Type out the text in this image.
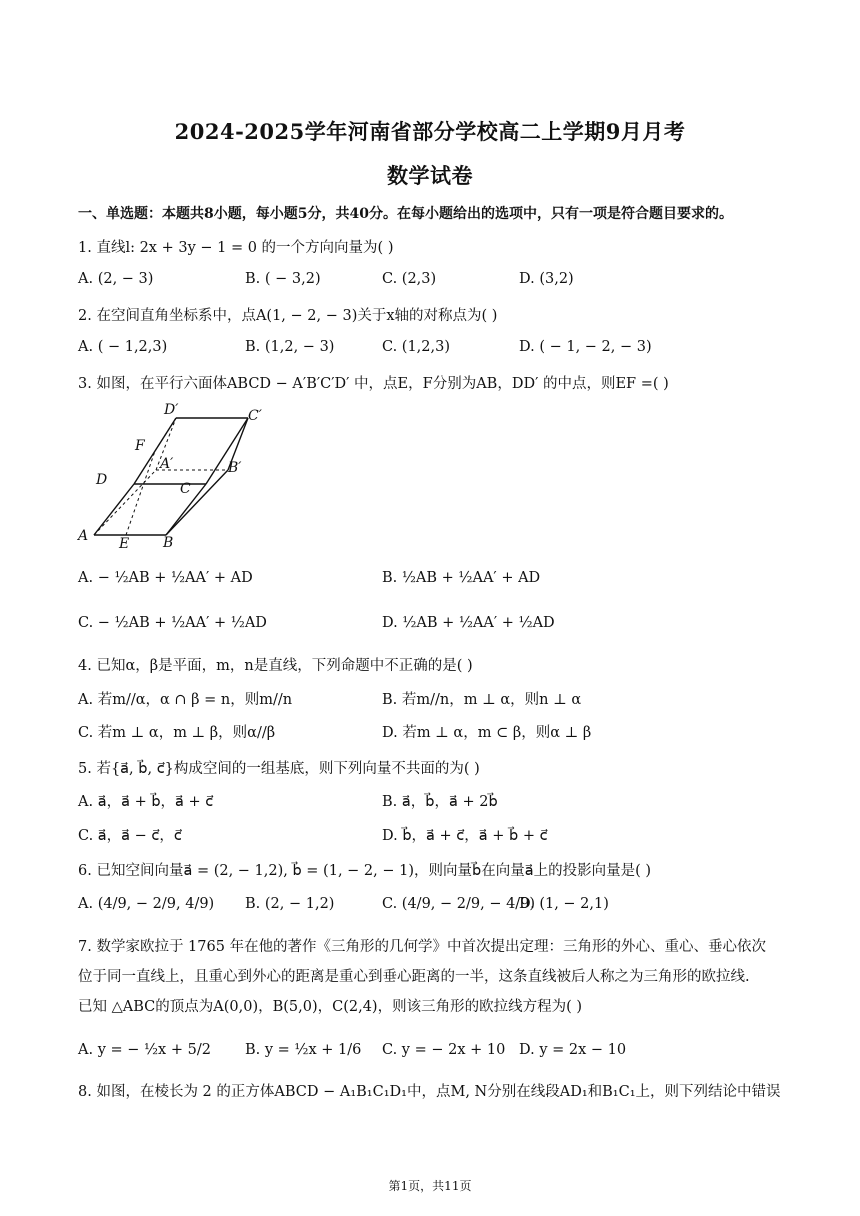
2024-2025学年河南省部分学校高二上学期9月月考
数学试卷
一、单选题：本题共8小题，每小题5分，共40分。在每小题给出的选项中，只有一项是符合题目要求的。
1. 直线l: 2x + 3y − 1 = 0 的一个方向向量为( )
A. (2, − 3)	B. ( − 3,2)	C. (2,3)	D. (3,2)
2. 在空间直角坐标系中，点A(1, − 2, − 3)关于x轴的对称点为( )
A. ( − 1,2,3)	B. (1,2, − 3)	C. (1,2,3)	D. ( − 1, − 2, − 3)
3. 如图，在平行六面体ABCD − A′B′C′D′ 中，点E，F分别为AB，DD′ 的中点，则EF =( )
D′	C′
F
A′	B′
D
C
A E B
A. − ½AB + ½AA′ + AD	B. ½AB + ½AA′ + AD
C. − ½AB + ½AA′ + ½AD	D. ½AB + ½AA′ + ½AD
4. 已知α，β是平面，m，n是直线，下列命题中不正确的是( )
A. 若m//α，α ∩ β = n，则m//n	B. 若m//n，m ⊥ α，则n ⊥ α
C. 若m ⊥ α，m ⊥ β，则α//β	D. 若m ⊥ α，m ⊂ β，则α ⊥ β
5. 若{a⃗, b⃗, c⃗}构成空间的一组基底，则下列向量不共面的为( )
A. a⃗，a⃗ + b⃗，a⃗ + c⃗	B. a⃗，b⃗，a⃗ + 2b⃗
C. a⃗，a⃗ − c⃗，c⃗	D. b⃗，a⃗ + c⃗，a⃗ + b⃗ + c⃗
6. 已知空间向量a⃗ = (2, − 1,2), b⃗ = (1, − 2, − 1)，则向量b⃗在向量a⃗上的投影向量是( )
A. (4/9, − 2/9, 4/9) B. (2, − 1,2)	C. (4/9, − 2/9, − 4/9)
D. (1, − 2,1)
7. 数学家欧拉于 1765 年在他的著作《三角形的几何学》中首次提出定理：三角形的外心、重心、垂心依次
位于同一直线上，且重心到外心的距离是重心到垂心距离的一半，这条直线被后人称之为三角形的欧拉线.
已知 △ABC的顶点为A(0,0)，B(5,0)，C(2,4)，则该三角形的欧拉线方程为( )
A. y = − ½x + 5/2 B. y = ½x + 1/6 C. y = − 2x + 10 D. y = 2x − 10
8. 如图，在棱长为 2 的正方体ABCD − A₁B₁C₁D₁中，点M, N分别在线段AD₁和B₁C₁上，则下列结论中错误
第1页，共11页
